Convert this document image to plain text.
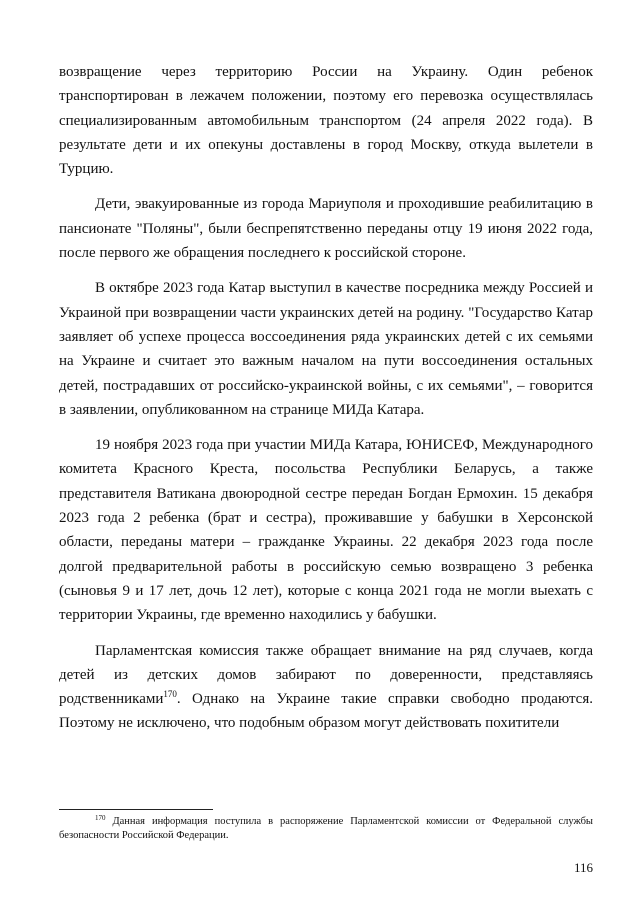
возвращение через территорию России на Украину. Один ребенок транспортирован в лежачем положении, поэтому его перевозка осуществлялась специализированным автомобильным транспортом (24 апреля 2022 года). В результате дети и их опекуны доставлены в город Москву, откуда вылетели в Турцию.

Дети, эвакуированные из города Мариуполя и проходившие реабилитацию в пансионате "Поляны", были беспрепятственно переданы отцу 19 июня 2022 года, после первого же обращения последнего к российской стороне.

В октябре 2023 года Катар выступил в качестве посредника между Россией и Украиной при возвращении части украинских детей на родину. "Государство Катар заявляет об успехе процесса воссоединения ряда украинских детей с их семьями на Украине и считает это важным началом на пути воссоединения остальных детей, пострадавших от российско-украинской войны, с их семьями", – говорится в заявлении, опубликованном на странице МИДа Катара.

19 ноября 2023 года при участии МИДа Катара, ЮНИСЕФ, Международного комитета Красного Креста, посольства Республики Беларусь, а также представителя Ватикана двоюродной сестре передан Богдан Ермохин. 15 декабря 2023 года 2 ребенка (брат и сестра), проживавшие у бабушки в Херсонской области, переданы матери – гражданке Украины. 22 декабря 2023 года после долгой предварительной работы в российскую семью возвращено 3 ребенка (сыновья 9 и 17 лет, дочь 12 лет), которые с конца 2021 года не могли выехать с территории Украины, где временно находились у бабушки.

Парламентская комиссия также обращает внимание на ряд случаев, когда детей из детских домов забирают по доверенности, представляясь родственниками$^{170}$. Однако на Украине такие справки свободно продаются. Поэтому не исключено, что подобным образом могут действовать похитители

$^{170}$ Данная информация поступила в распоряжение Парламентской комиссии от Федеральной службы безопасности Российской Федерации.
116
